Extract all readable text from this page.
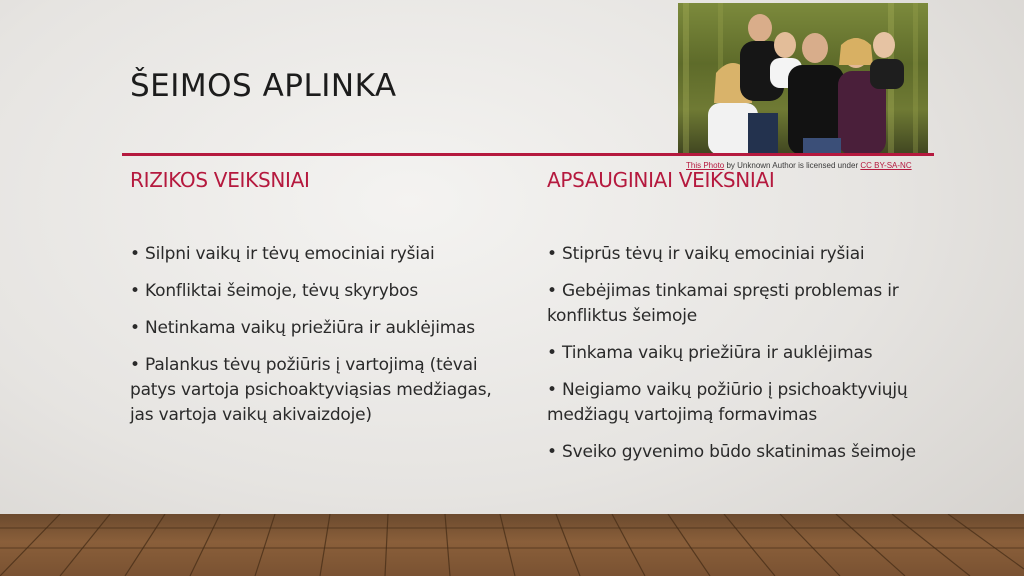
This Photo by Unknown Author is licensed under CC BY-SA-NC
ŠEIMOS APLINKA
RIZIKOS VEIKSNIAI	APSAUGINIAI VEIKSNIAI
• Silpni vaikų ir tėvų emociniai ryšiai
• Konfliktai šeimoje, tėvų skyrybos
• Netinkama vaikų priežiūra ir auklėjimas
• Palankus tėvų požiūris į vartojimą (tėvai patys vartoja psichoaktyviąsias medžiagas, jas vartoja vaikų akivaizdoje)
• Stiprūs tėvų ir vaikų emociniai ryšiai
• Gebėjimas tinkamai spręsti problemas ir konfliktus šeimoje
• Tinkama vaikų priežiūra ir auklėjimas
• Neigiamo vaikų požiūrio į psichoaktyviųjų medžiagų vartojimą formavimas
• Sveiko gyvenimo būdo skatinimas šeimoje
